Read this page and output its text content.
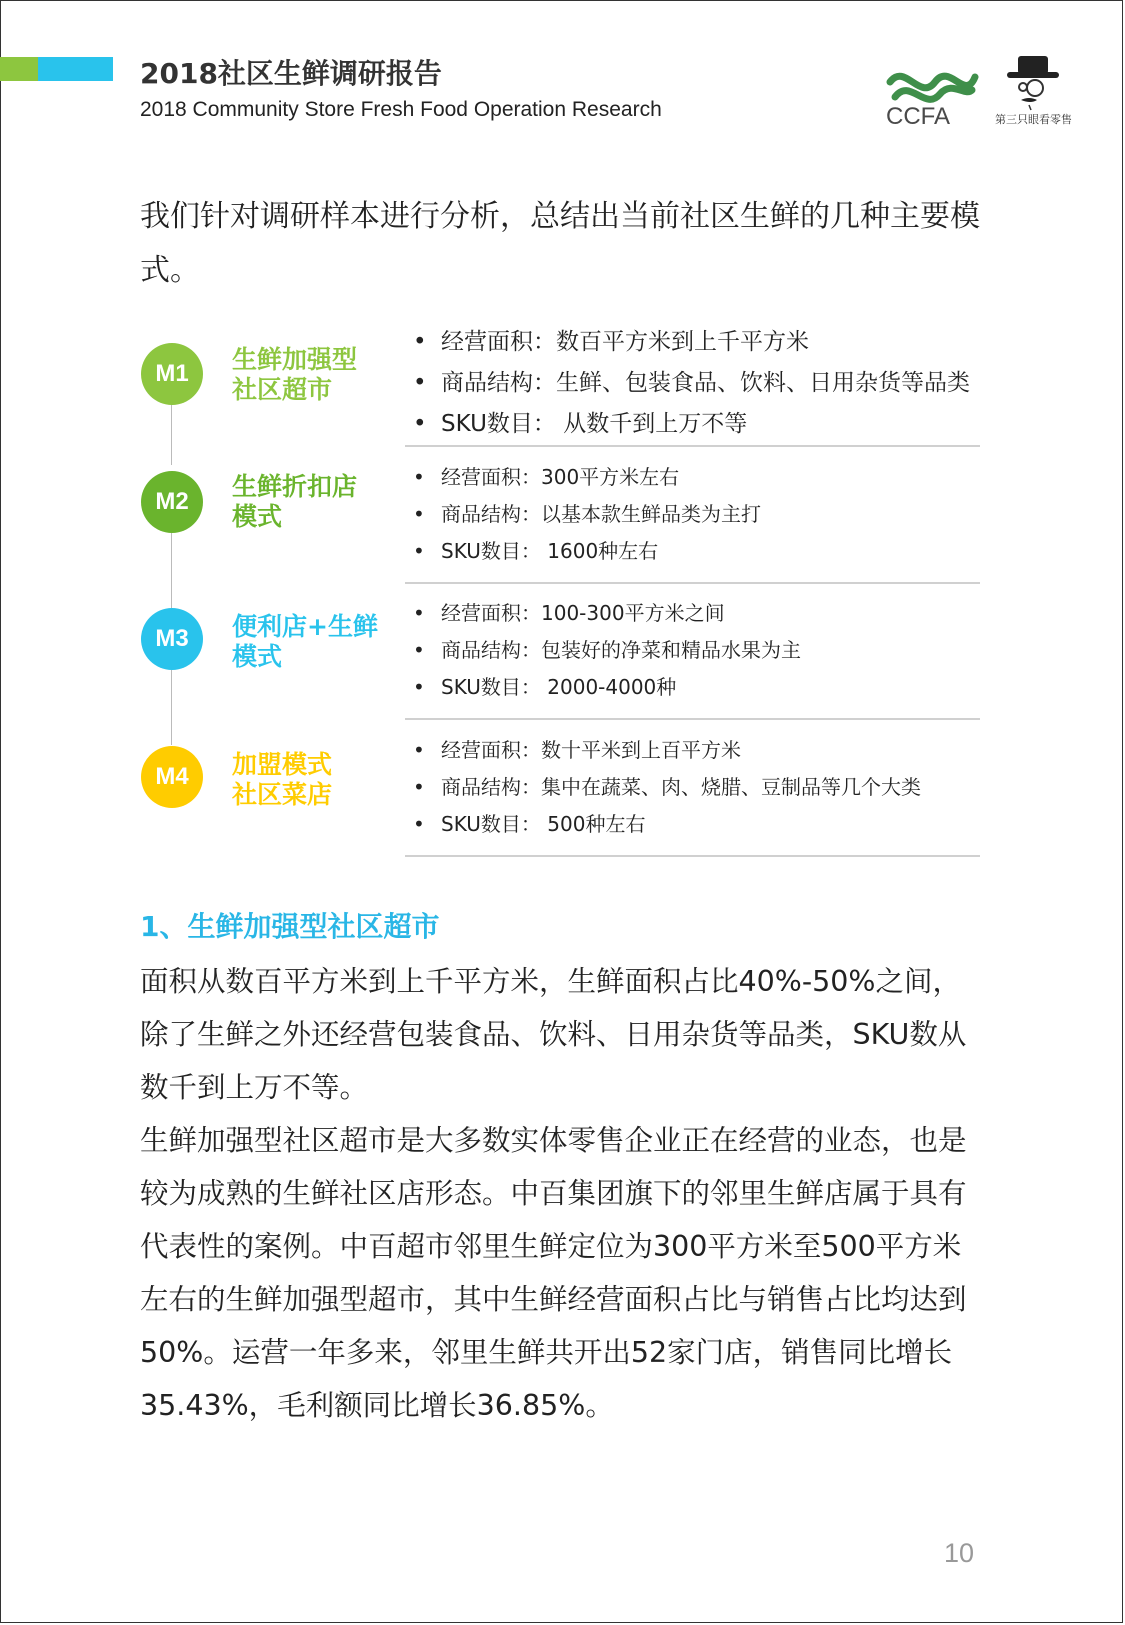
2018社区生鲜调研报告
2018 Community Store Fresh Food Operation Research	CCFA	第三只眼看零售
我们针对调研样本进行分析，总结出当前社区生鲜的几种主要模式。
M1	生鲜加强型
社区超市
• 经营面积：数百平方米到上千平方米
• 商品结构：生鲜、包装食品、饮料、日用杂货等品类
• SKU数目： 从数千到上万不等
M2
生鲜折扣店
模式
• 经营面积：300平方米左右
• 商品结构：以基本款生鲜品类为主打
• SKU数目： 1600种左右
M3	便利店+生鲜
模式
• 经营面积：100-300平方米之间
• 商品结构：包装好的净菜和精品水果为主
• SKU数目： 2000-4000种
M4	加盟模式
社区菜店
• 经营面积：数十平米到上百平方米
• 商品结构：集中在蔬菜、肉、烧腊、豆制品等几个大类
• SKU数目： 500种左右
1、生鲜加强型社区超市

面积从数百平方米到上千平方米，生鲜面积占比40%-50%之间，除了生鲜之外还经营包装食品、饮料、日用杂货等品类，SKU数从数千到上万不等。

生鲜加强型社区超市是大多数实体零售企业正在经营的业态，也是较为成熟的生鲜社区店形态。中百集团旗下的邻里生鲜店属于具有代表性的案例。中百超市邻里生鲜定位为300平方米至500平方米左右的生鲜加强型超市，其中生鲜经营面积占比与销售占比均达到50%。运营一年多来，邻里生鲜共开出52家门店，销售同比增长 35.43%，毛利额同比增长36.85%。

10
